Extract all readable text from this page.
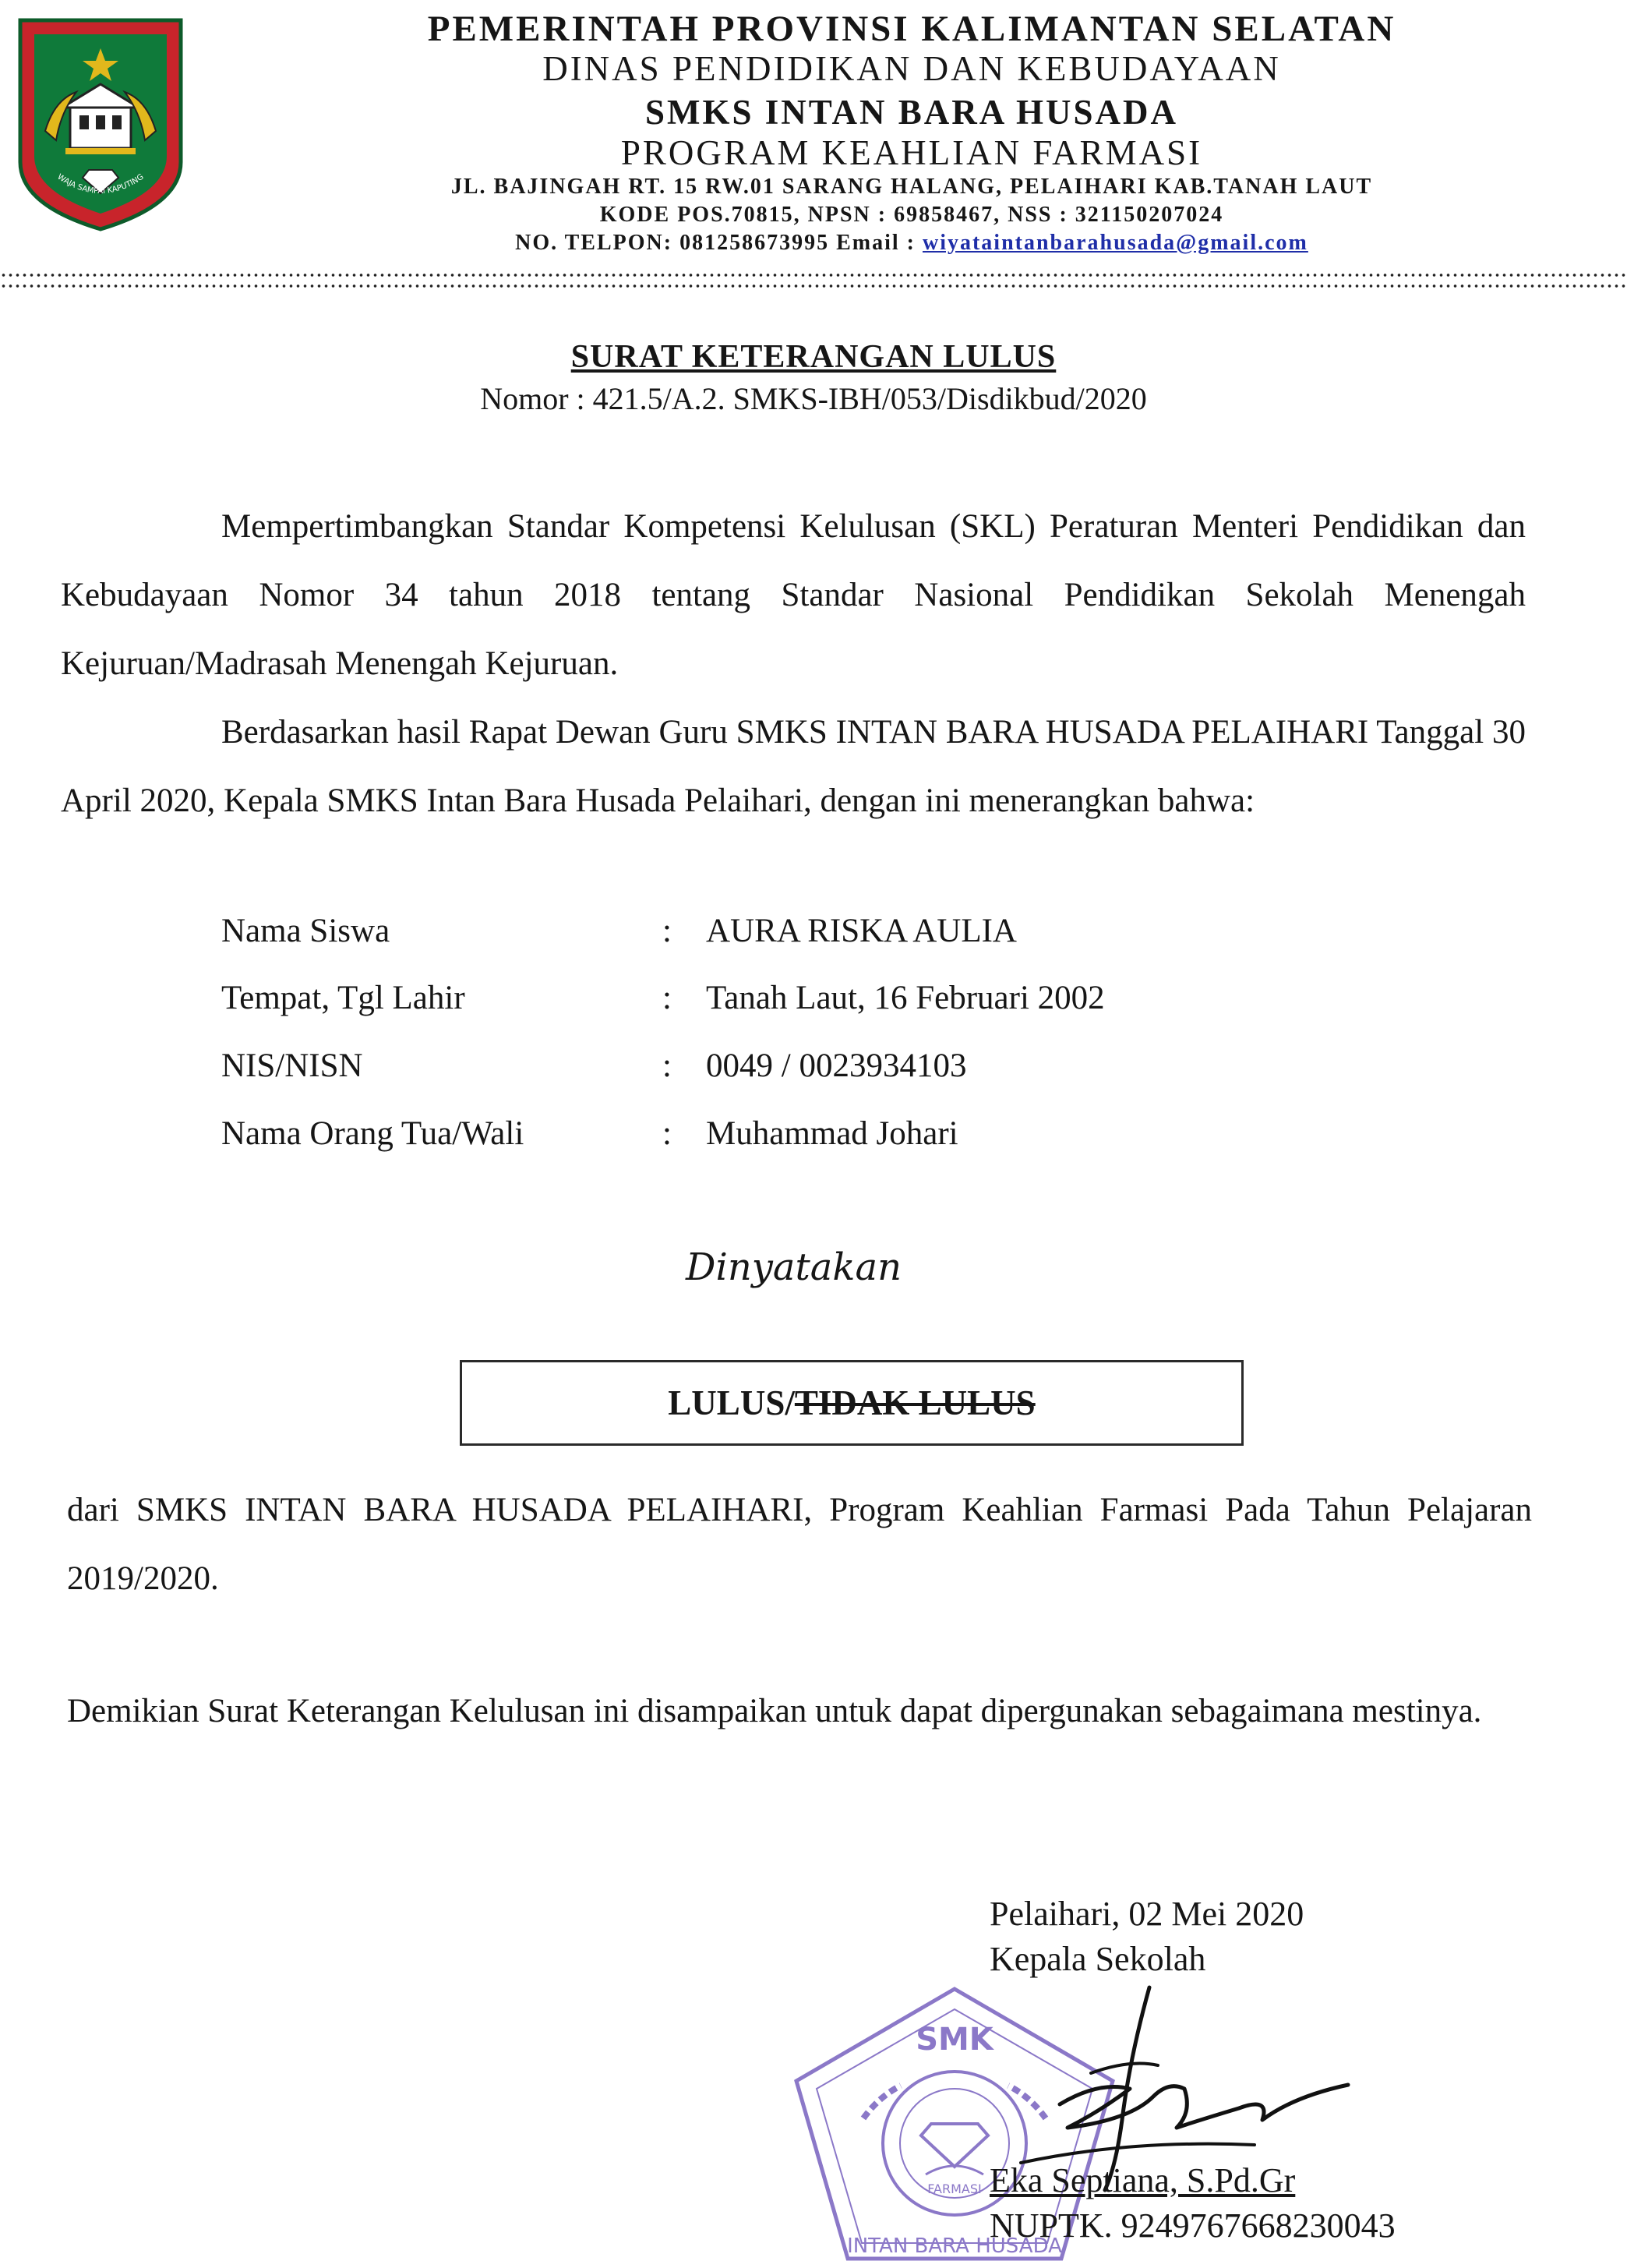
WAJA SAMPAI KAPUTING
PEMERINTAH PROVINSI KALIMANTAN SELATAN
DINAS PENDIDIKAN DAN KEBUDAYAAN
SMKS INTAN BARA HUSADA
PROGRAM KEAHLIAN FARMASI
JL. BAJINGAH RT. 15 RW.01 SARANG HALANG, PELAIHARI KAB.TANAH LAUT
KODE POS.70815, NPSN : 69858467, NSS : 321150207024
NO. TELPON: 081258673995 Email : wiyataintanbarahusada@gmail.com
SURAT KETERANGAN LULUS
Nomor : 421.5/A.2. SMKS-IBH/053/Disdikbud/2020

Mempertimbangkan Standar Kompetensi Kelulusan (SKL) Peraturan Menteri Pendidikan dan Kebudayaan Nomor 34 tahun 2018 tentang Standar Nasional Pendidikan Sekolah Menengah Kejuruan/Madrasah Menengah Kejuruan.

Berdasarkan hasil Rapat Dewan Guru SMKS INTAN BARA HUSADA PELAIHARI Tanggal 30 April 2020, Kepala SMKS Intan Bara Husada Pelaihari, dengan ini menerangkan bahwa:

Nama Siswa	: AURA RISKA AULIA
Tempat, Tgl Lahir	: Tanah Laut, 16 Februari 2002
NIS/NISN	: 0049 / 0023934103
Nama Orang Tua/Wali	: Muhammad Johari
Dinyatakan
LULUS/ TIDAK LULUS

dari SMKS INTAN BARA HUSADA PELAIHARI, Program Keahlian Farmasi Pada Tahun Pelajaran 2019/2020.

Demikian Surat Keterangan Kelulusan ini disampaikan untuk dapat dipergunakan sebagaimana mestinya.

Pelaihari, 02 Mei 2020
Kepala Sekolah
SMK
FARMASI
INTAN BARA HUSADA
Eka Septiana, S.Pd.Gr
NUPTK. 9249767668230043
